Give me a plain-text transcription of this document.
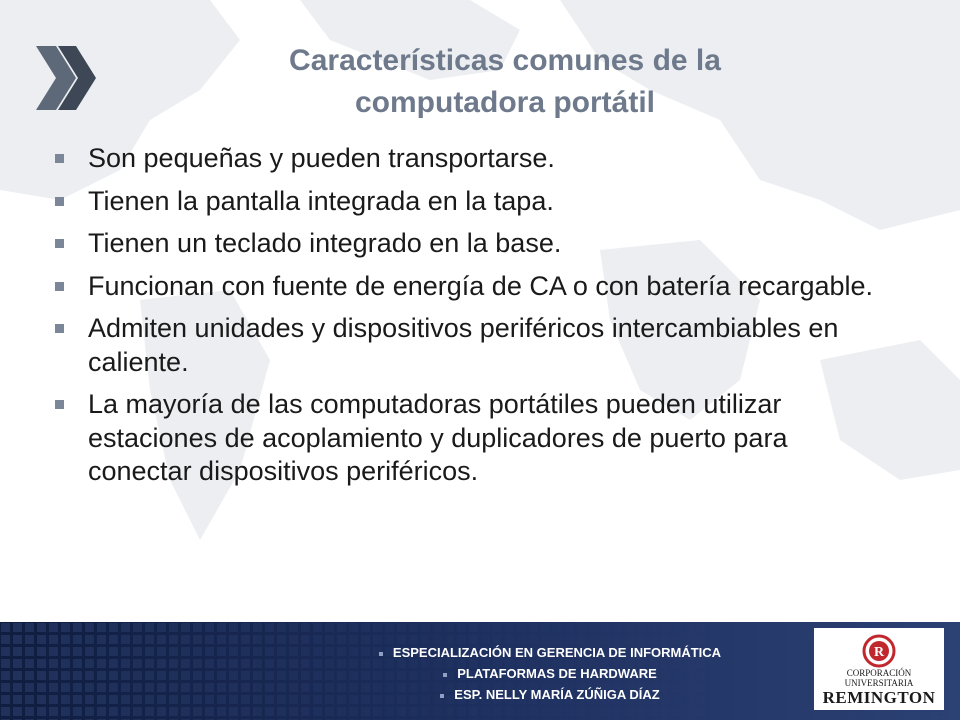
Características comunes de la
computadora portátil
Son pequeñas y pueden transportarse.
Tienen la pantalla integrada en la tapa.
Tienen un teclado integrado en la base.
Funcionan con fuente de energía de CA o con batería recargable.
Admiten unidades y dispositivos periféricos intercambiables en caliente.
La mayoría de las computadoras portátiles pueden utilizar estaciones de acoplamiento y duplicadores de puerto para conectar dispositivos periféricos.
ESPECIALIZACIÓN EN GERENCIA DE INFORMÁTICA
PLATAFORMAS DE HARDWARE
ESP. NELLY MARÍA ZÚÑIGA DÍAZ
R
CORPORACIÓN
UNIVERSITARIA
REMINGTON
